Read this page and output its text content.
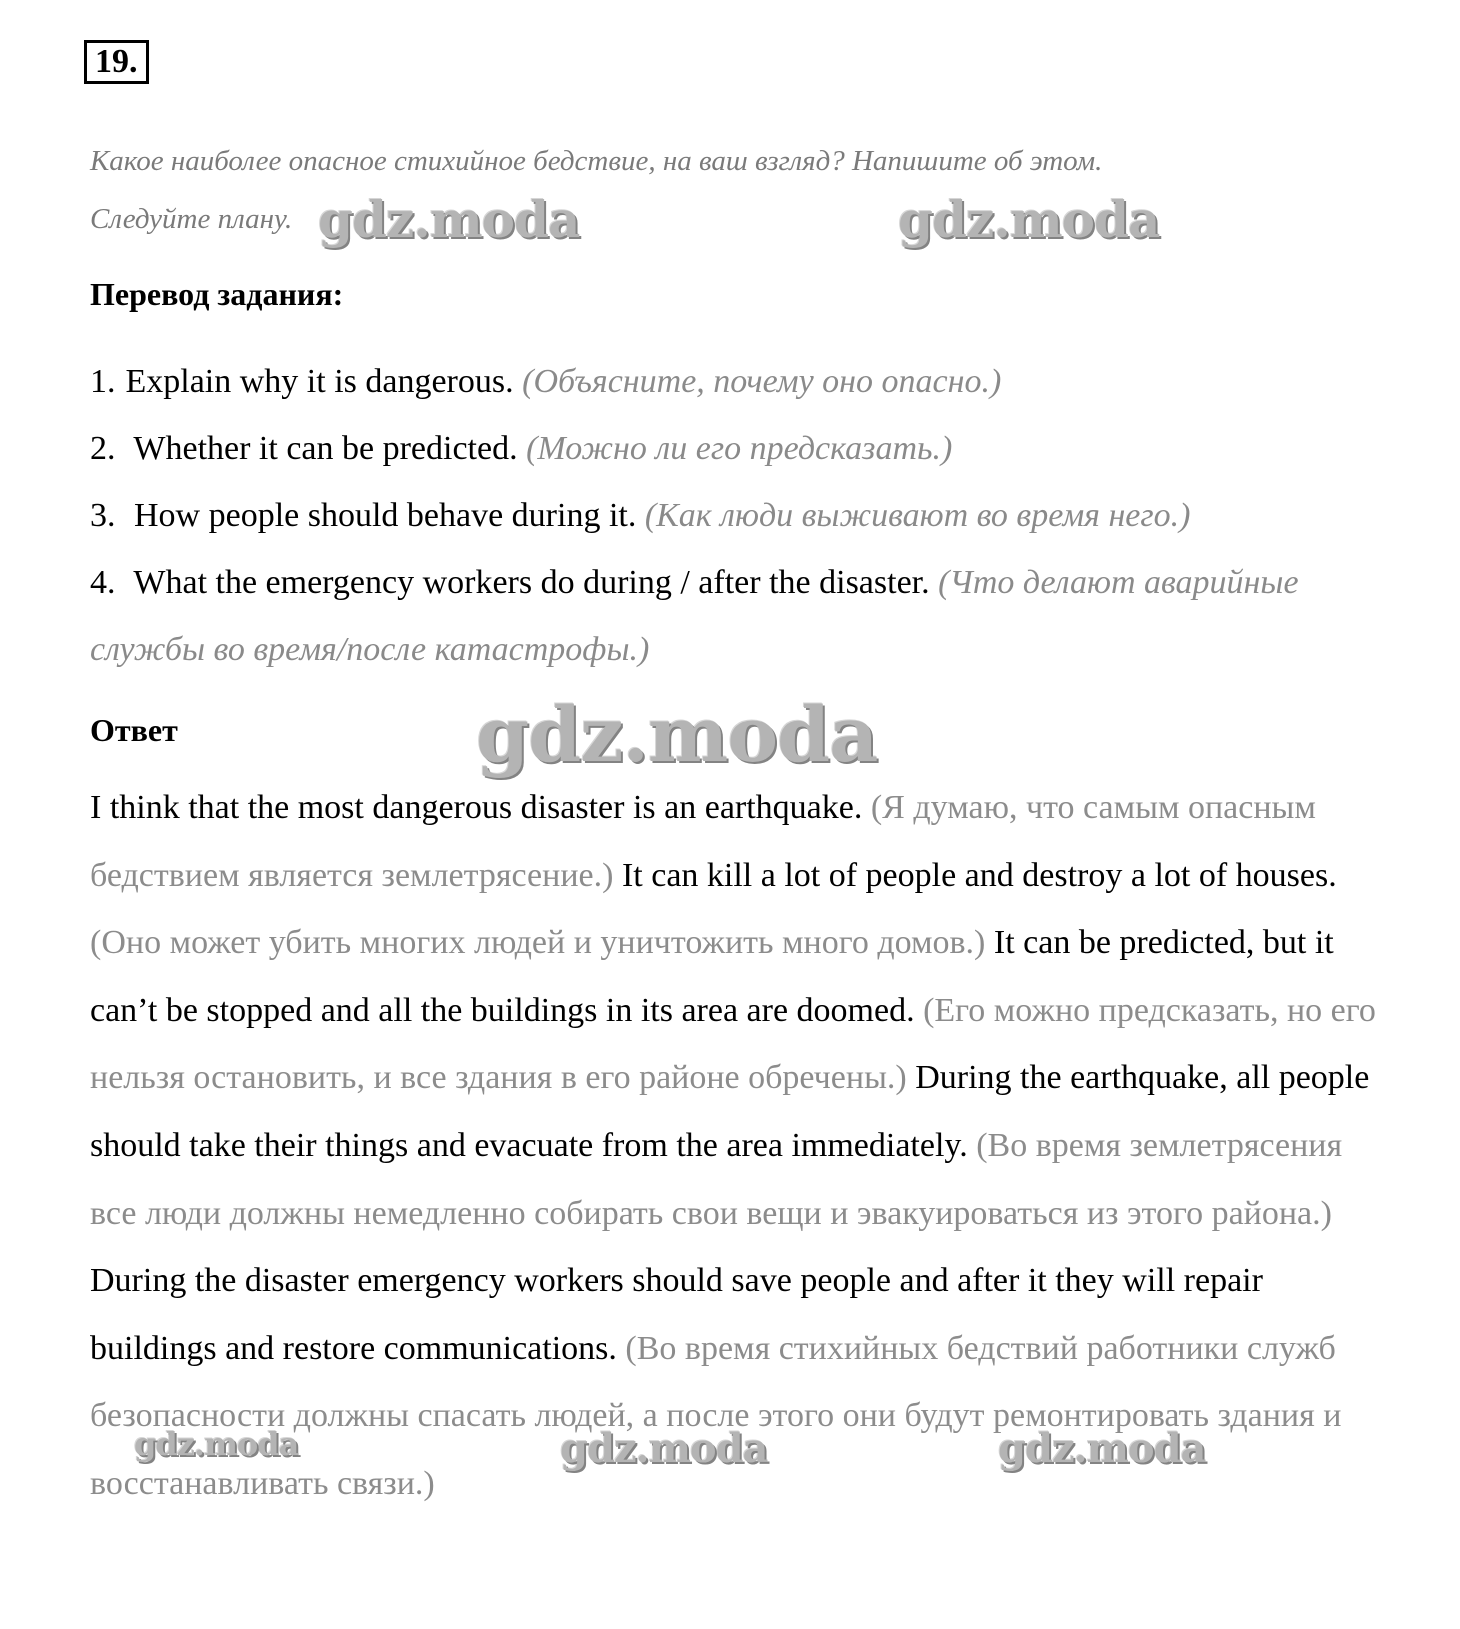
19.
Какое наиболее опасное стихийное бедствие, на ваш взгляд? Напишите об этом.
Следуйте плану.
Перевод задания:
1. Explain why it is dangerous. (Объясните, почему оно опасно.)
2. Whether it can be predicted. (Можно ли его предсказать.)
3. How people should behave during it. (Как люди выживают во время него.)
4. What the emergency workers do during / after the disaster. (Что делают аварийные службы во время/после катастрофы.)
Ответ
I think that the most dangerous disaster is an earthquake. (Я думаю, что самым опасным бедствием является землетрясение.) It can kill a lot of people and destroy a lot of houses. (Оно может убить многих людей и уничтожить много домов.) It can be predicted, but it can’t be stopped and all the buildings in its area are doomed. (Его можно предсказать, но его нельзя остановить, и все здания в его районе обречены.) During the earthquake, all people should take their things and evacuate from the area immediately. (Во время землетрясения все люди должны немедленно собирать свои вещи и эвакуироваться из этого района.) During the disaster emergency workers should save people and after it they will repair buildings and restore communications. (Во время стихийных бедствий работники служб безопасности должны спасать людей, а после этого они будут ремонтировать здания и восстанавливать связи.)
gdz.moda	gdz.moda
gdz.moda
gdz.moda	gdz.moda	gdz.moda
